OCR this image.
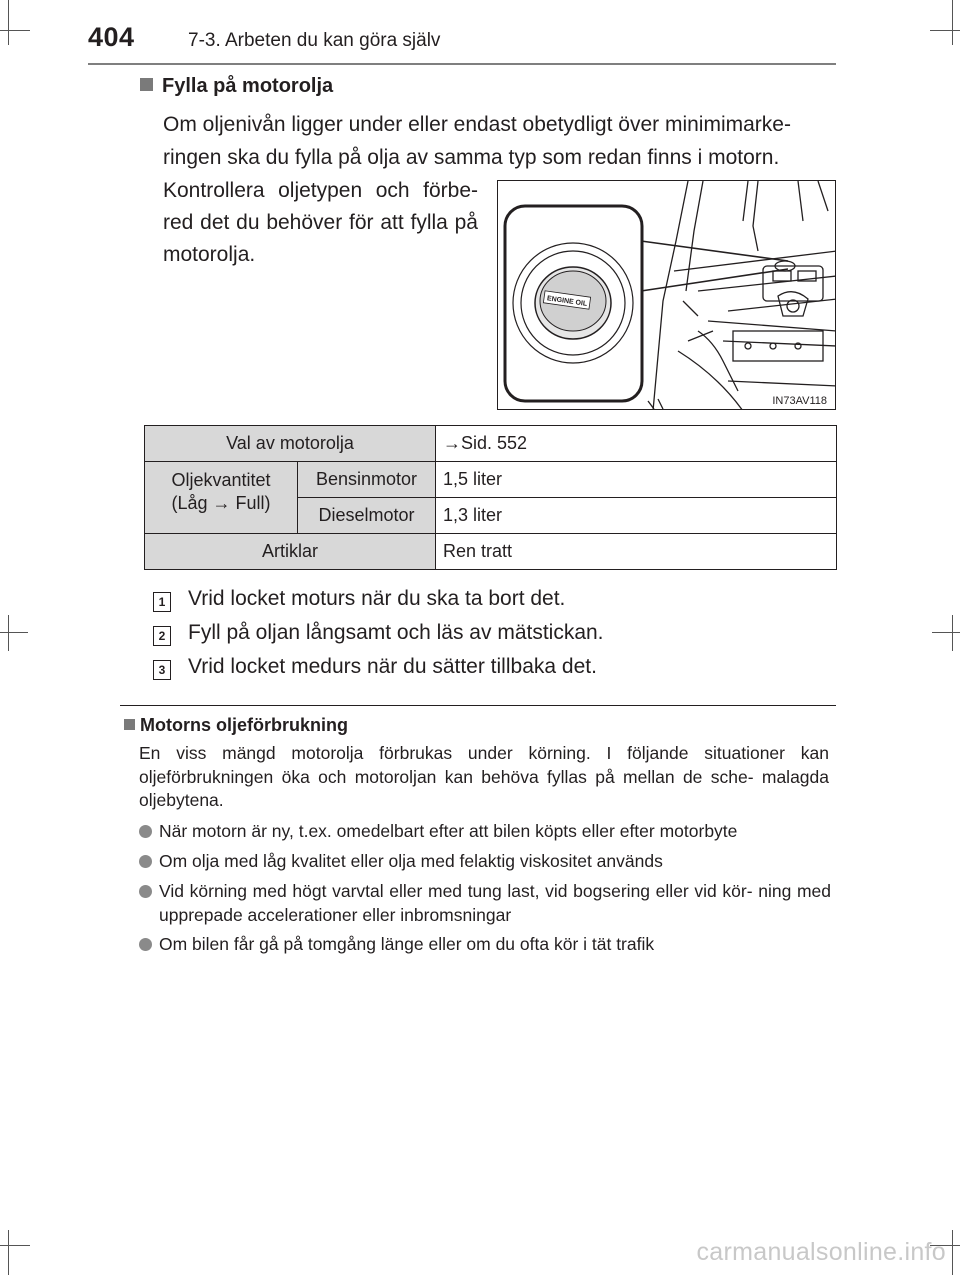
404	7-3. Arbeten du kan göra själv
Fylla på motorolja
Om oljenivån ligger under eller endast obetydligt över minimimarke- ringen ska du fylla på olja av samma typ som redan finns i motorn.
Kontrollera oljetypen och förbe- red det du behöver för att fylla på motorolja.
ENGINE OIL
IN73AV118
Val av motorolja		→Sid. 552
Oljekvantitet
(Låg → Full)	Bensinmotor	1,5 liter
	Dieselmotor	1,3 liter
Artiklar		Ren tratt
1 Vrid locket moturs när du ska ta bort det.
2 Fyll på oljan långsamt och läs av mätstickan.
3 Vrid locket medurs när du sätter tillbaka det.
Motorns oljeförbrukning
En viss mängd motorolja förbrukas under körning. I följande situationer kan oljeförbrukningen öka och motoroljan kan behöva fyllas på mellan de sche- malagda oljebytena.
När motorn är ny, t.ex. omedelbart efter att bilen köpts eller efter motorbyte
Om olja med låg kvalitet eller olja med felaktig viskositet används
Vid körning med högt varvtal eller med tung last, vid bogsering eller vid kör- ning med upprepade accelerationer eller inbromsningar
Om bilen får gå på tomgång länge eller om du ofta kör i tät trafik
carmanualsonline.info
